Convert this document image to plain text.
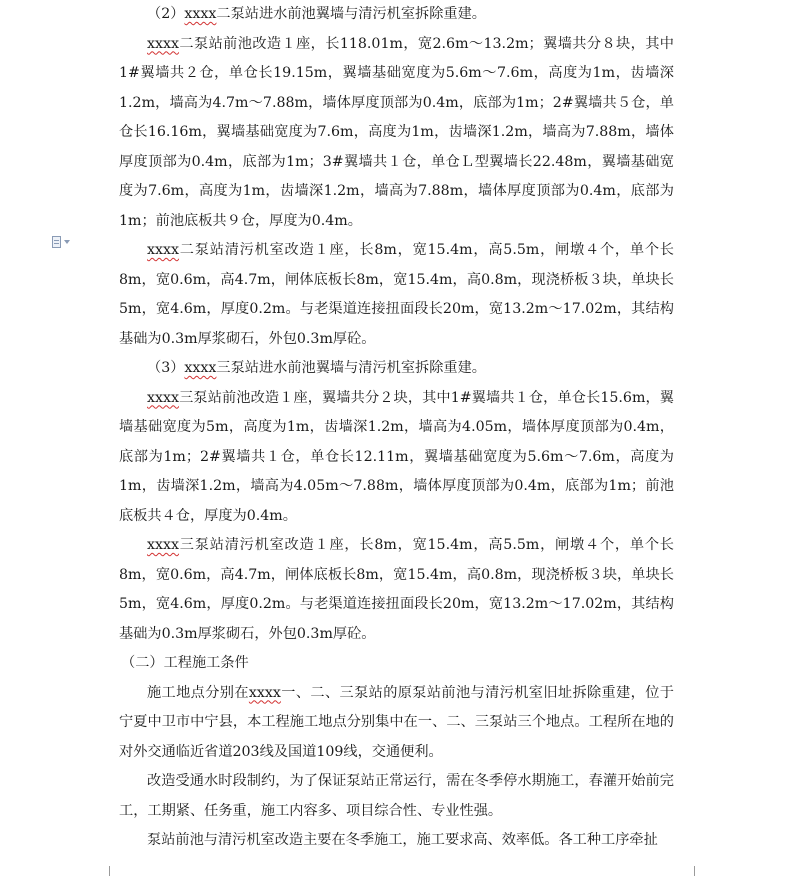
（2）xxxx二泵站进水前池翼墙与清污机室拆除重建。

xxxx二泵站前池改造１座，长118.01m，宽2.6m～13.2m；翼墙共分８块，其中1#翼墙共２仓，单仓长19.15m，翼墙基础宽度为5.6m～7.6m，高度为1m，齿墙深1.2m，墙高为4.7m～7.88m，墙体厚度顶部为0.4m，底部为1m；2#翼墙共５仓，单仓长16.16m，翼墙基础宽度为7.6m，高度为1m，齿墙深1.2m，墙高为7.88m，墙体厚度顶部为0.4m，底部为1m；3#翼墙共１仓，单仓Ｌ型翼墙长22.48m，翼墙基础宽度为7.6m，高度为1m，齿墙深1.2m，墙高为7.88m，墙体厚度顶部为0.4m，底部为1m；前池底板共９仓，厚度为0.4m。

xxxx二泵站清污机室改造１座，长8m，宽15.4m，高5.5m，闸墩４个，单个长8m，宽0.6m，高4.7m，闸体底板长8m，宽15.4m，高0.8m，现浇桥板３块，单块长5m，宽4.6m，厚度0.2m。与老渠道连接扭面段长20m，宽13.2m～17.02m，其结构基础为0.3m厚浆砌石，外包0.3m厚砼。

（3）xxxx三泵站进水前池翼墙与清污机室拆除重建。

xxxx三泵站前池改造１座，翼墙共分２块，其中1#翼墙共１仓，单仓长15.6m，翼墙基础宽度为5m，高度为1m，齿墙深1.2m，墙高为4.05m，墙体厚度顶部为0.4m，底部为1m；2#翼墙共１仓，单仓长12.11m，翼墙基础宽度为5.6m～7.6m，高度为1m，齿墙深1.2m，墙高为4.05m～7.88m，墙体厚度顶部为0.4m，底部为1m；前池底板共４仓，厚度为0.4m。

xxxx三泵站清污机室改造１座，长8m，宽15.4m，高5.5m，闸墩４个，单个长8m，宽0.6m，高4.7m，闸体底板长8m，宽15.4m，高0.8m，现浇桥板３块，单块长5m，宽4.6m，厚度0.2m。与老渠道连接扭面段长20m，宽13.2m～17.02m，其结构基础为0.3m厚浆砌石，外包0.3m厚砼。

（二）工程施工条件

施工地点分别在xxxx一、二、三泵站的原泵站前池与清污机室旧址拆除重建，位于宁夏中卫市中宁县，本工程施工地点分别集中在一、二、三泵站三个地点。工程所在地的对外交通临近省道203线及国道109线，交通便利。

改造受通水时段制约，为了保证泵站正常运行，需在冬季停水期施工，春灌开始前完工，工期紧、任务重，施工内容多、项目综合性、专业性强。

泵站前池与清污机室改造主要在冬季施工，施工要求高、效率低。各工种工序牵扯
